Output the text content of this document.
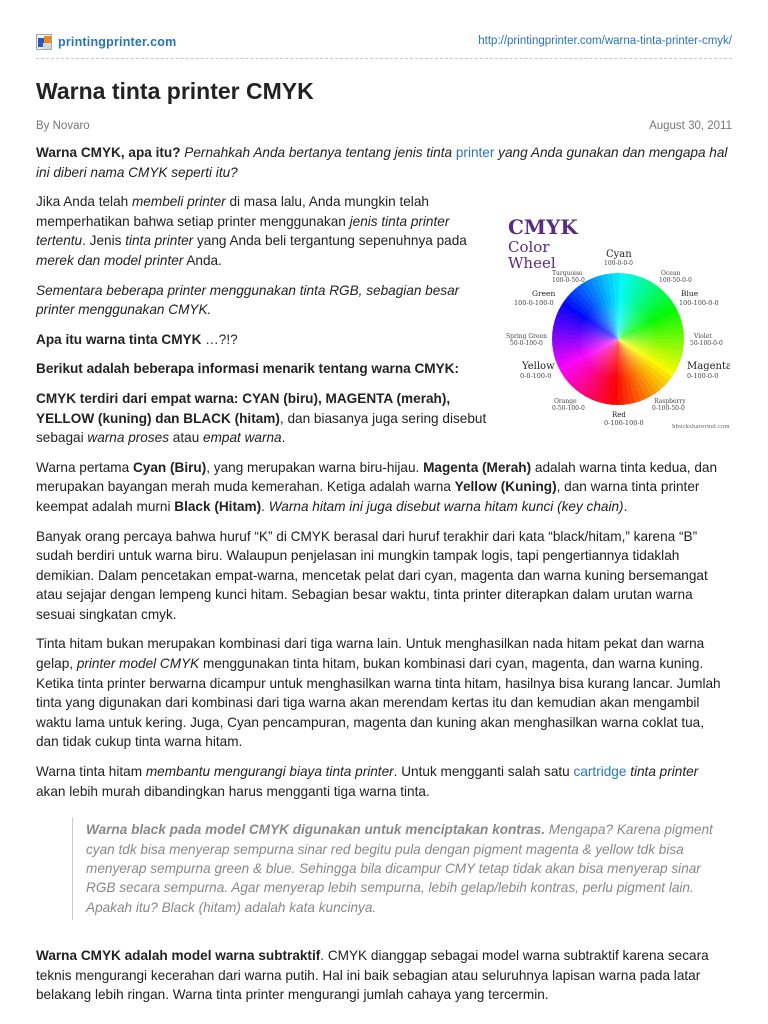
printingprinter.com	http://printingprinter.com/warna-tinta-printer-cmyk/
Warna tinta printer CMYK
By Novaro	August 30, 2011

Warna CMYK, apa itu? Pernahkah Anda bertanya tentang jenis tinta printer yang Anda gunakan dan mengapa hal ini diberi nama CMYK seperti itu?

CMYK
Color
Wheel	Cyan
100-0-0-0
Turquoise
100-0-50-0
Ocean
100-50-0-0
Green
100-0-100-0
Blue
100-100-0-0
Spring Green
50-0-100-0
Violet
50-100-0-0
Yellow
0-0-100-0
Magenta
0-100-0-0
Orange
0-50-100-0
Raspberry
0-100-50-0
Red
0-100-100-0	hbucksharernet.com

Jika Anda telah membeli printer di masa lalu, Anda mungkin telah memperhatikan bahwa setiap printer menggunakan jenis tinta printer tertentu. Jenis tinta printer yang Anda beli tergantung sepenuhnya pada merek dan model printer Anda.

Sementara beberapa printer menggunakan tinta RGB, sebagian besar printer menggunakan CMYK.

Apa itu warna tinta CMYK …?!?

Berikut adalah beberapa informasi menarik tentang warna CMYK:

CMYK terdiri dari empat warna: CYAN (biru), MAGENTA (merah), YELLOW (kuning) dan BLACK (hitam), dan biasanya juga sering disebut sebagai warna proses atau empat warna.

Warna pertama Cyan (Biru), yang merupakan warna biru-hijau. Magenta (Merah) adalah warna tinta kedua, dan merupakan bayangan merah muda kemerahan. Ketiga adalah warna Yellow (Kuning), dan warna tinta printer keempat adalah murni Black (Hitam). Warna hitam ini juga disebut warna hitam kunci (key chain).

Banyak orang percaya bahwa huruf “K” di CMYK berasal dari huruf terakhir dari kata “black/hitam,” karena “B” sudah berdiri untuk warna biru. Walaupun penjelasan ini mungkin tampak logis, tapi pengertiannya tidaklah demikian. Dalam pencetakan empat-warna, mencetak pelat dari cyan, magenta dan warna kuning bersemangat atau sejajar dengan lempeng kunci hitam. Sebagian besar waktu, tinta printer diterapkan dalam urutan warna sesuai singkatan cmyk.

Tinta hitam bukan merupakan kombinasi dari tiga warna lain. Untuk menghasilkan nada hitam pekat dan warna gelap, printer model CMYK menggunakan tinta hitam, bukan kombinasi dari cyan, magenta, dan warna kuning. Ketika tinta printer berwarna dicampur untuk menghasilkan warna tinta hitam, hasilnya bisa kurang lancar. Jumlah tinta yang digunakan dari kombinasi dari tiga warna akan merendam kertas itu dan kemudian akan mengambil waktu lama untuk kering. Juga, Cyan pencampuran, magenta dan kuning akan menghasilkan warna coklat tua, dan tidak cukup tinta warna hitam.

Warna tinta hitam membantu mengurangi biaya tinta printer. Untuk mengganti salah satu cartridge tinta printer akan lebih murah dibandingkan harus mengganti tiga warna tinta.

Warna black pada model CMYK digunakan untuk menciptakan kontras. Mengapa? Karena pigment cyan tdk bisa menyerap sempurna sinar red begitu pula dengan pigment magenta & yellow tdk bisa menyerap sempurna green & blue. Sehingga bila dicampur CMY tetap tidak akan bisa menyerap sinar RGB secara sempurna. Agar menyerap lebih sempurna, lebih gelap/lebih kontras, perlu pigment lain. Apakah itu? Black (hitam) adalah kata kuncinya.

Warna CMYK adalah model warna subtraktif. CMYK dianggap sebagai model warna subtraktif karena secara teknis mengurangi kecerahan dari warna putih. Hal ini baik sebagian atau seluruhnya lapisan warna pada latar belakang lebih ringan. Warna tinta printer mengurangi jumlah cahaya yang tercermin.
